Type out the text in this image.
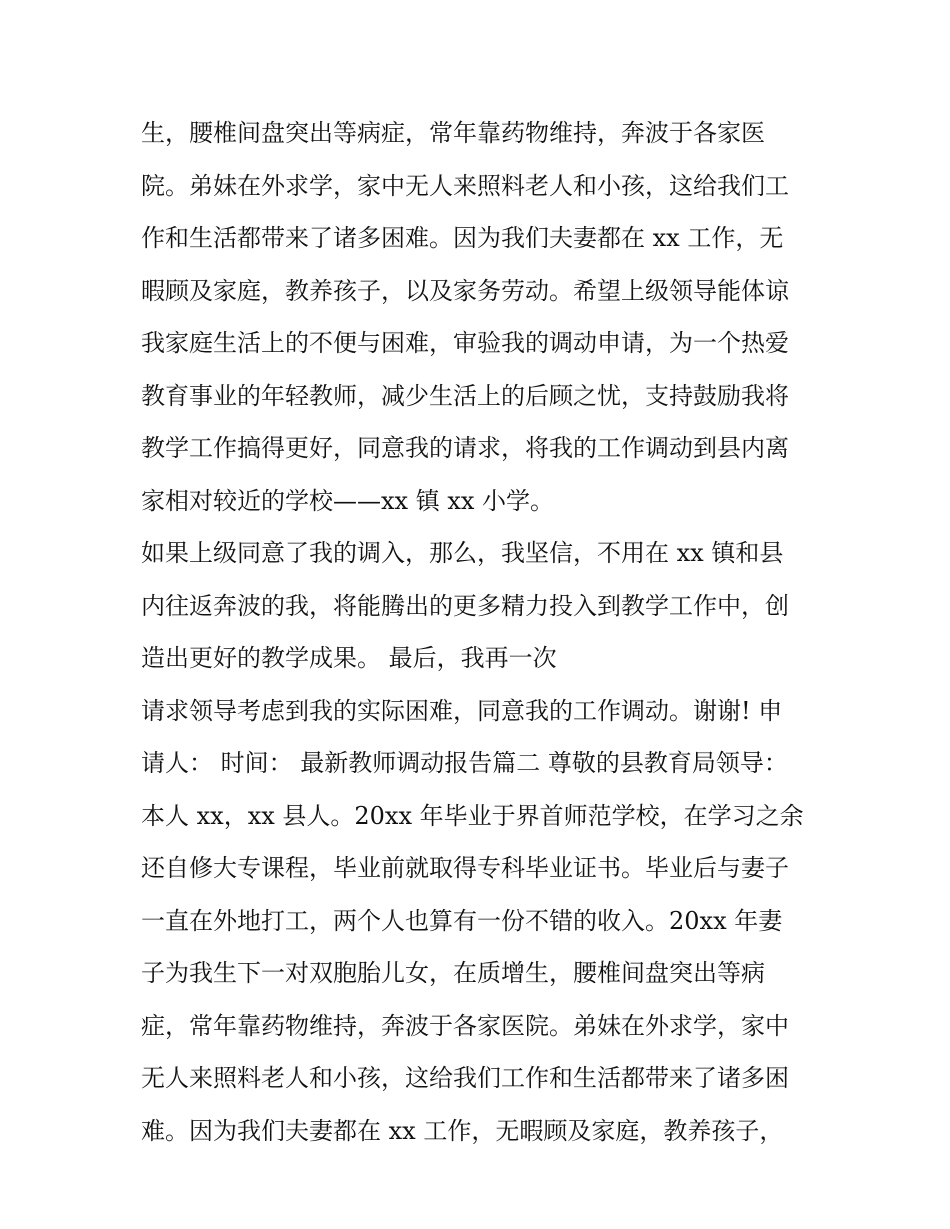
生，腰椎间盘突出等病症，常年靠药物维持，奔波于各家医
院。弟妹在外求学，家中无人来照料老人和小孩，这给我们工
作和生活都带来了诸多困难。因为我们夫妻都在 xx 工作，无
暇顾及家庭，教养孩子，以及家务劳动。希望上级领导能体谅
我家庭生活上的不便与困难，审验我的调动申请，为一个热爱
教育事业的年轻教师，减少生活上的后顾之忧，支持鼓励我将
教学工作搞得更好，同意我的请求，将我的工作调动到县内离
家相对较近的学校——xx 镇 xx 小学。
如果上级同意了我的调入，那么，我坚信，不用在 xx 镇和县
内往返奔波的我，将能腾出的更多精力投入到教学工作中，创
造出更好的教学成果。 最后，我再一次
请求领导考虑到我的实际困难，同意我的工作调动。谢谢! 申
请人： 时间： 最新教师调动报告篇二 尊敬的县教育局领导：
本人 xx，xx 县人。20xx 年毕业于界首师范学校，在学习之余
还自修大专课程，毕业前就取得专科毕业证书。毕业后与妻子
一直在外地打工，两个人也算有一份不错的收入。20xx 年妻
子为我生下一对双胞胎儿女，在质增生，腰椎间盘突出等病
症，常年靠药物维持，奔波于各家医院。弟妹在外求学，家中
无人来照料老人和小孩，这给我们工作和生活都带来了诸多困
难。因为我们夫妻都在 xx 工作，无暇顾及家庭，教养孩子，
